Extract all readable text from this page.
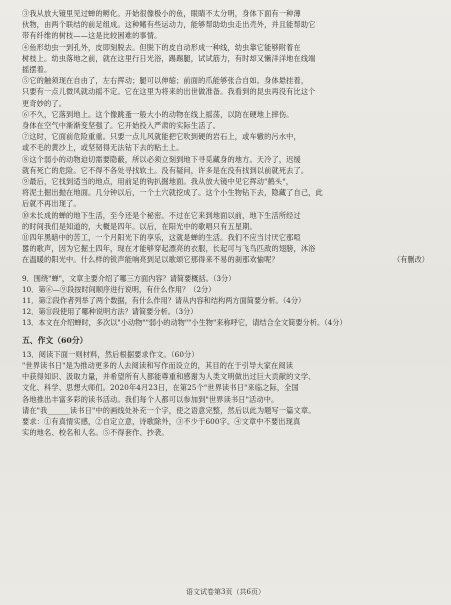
③我从放大镜里见过蝉的孵化。开始很像极小的鱼，眼睛不太分明，身体下面有一种薄

伙物，由两个联结的前足组成。这种鳍有些运动力，能够帮助幼虫走出壳外，并且能帮助它

带有纤维的树枝——这是比较困难的事情。

④鱼形幼虫一到孔外，皮即刻脱去。但脱下的皮自动形成一种线，幼虫靠它能够附着在

树枝上。幼虫落地之前，就在这里行日光浴，踢踢腿，试试筋力，有时却又懒洋洋地在线端

摇摆着。

⑤它的触须现在自由了，左右挥动；腿可以伸缩；前面的爪能够张合自如。身体悬挂着，

只要有一点儿微风就动摇不定。它在这里为将来的出世做准备。我看到的昆虫再没有比这个

更奇妙的了。

⑥不久，它落到地上。这个像跳蚤一般大小的动物在线上摇荡，以防在硬地上摔伤。

身体在空气中渐渐变坚强了。它开始投入严肃的实际生活了。

⑦这时，它面前危险重重。只要一点儿风就能把它吹到硬的岩石上，或车辙的污水中，

或不毛的黄沙上，或坚韧得无法钻下去的粘土上。

⑧这个弱小的动物迫切需要隐蔽，所以必须立刻到地下寻觅藏身的地方。天冷了，迟缓

就有死亡的危险。它不得不各处寻找软土。没有疑问，许多是在没有找到以前就死去了。

⑨最后，它找到适当的地点，用前足的钩扒掘地面。我从放大镜中见它挥动"鹤头"，

将泥土掘出抛在地面。几分钟以后，一个土穴就挖成了。这个小生物钻下去，隐藏了自己，此

后就不再出现了。

⑩未长成的蝉的地下生活，至今还是个秘密。不过在它来到地面以前，地下生活所经过

的时间我们是知道的，大概是四年。以后，在阳光中的歌唱只有五星期。

⑪四年黑暗中的苦工，一个月阳光下的享乐，这就是蝉的生活。我们不应当讨厌它那喧

嚣的歌声，因为它掘土四年，现在才能够穿起漂亮的衣服，长起可与飞鸟匹敌的翅膀，沐浴

在温暖的阳光中。什么样的钹声能响亮到足以歌颂它那得来不易的刹那欢愉呢？	（有删改）

9．围绕"蝉"，文章主要介绍了哪三方面内容？请简要概括。（3分）

10．第⑥—⑨段按时间顺序进行说明，有什么作用？（2分）

11．第②段作者列举了两个数据，有什么作用？请从内容和结构两方面简要分析。（4分）

12．第⑪段使用了哪种说明方法？请简要分析。（3分）

13．本文在介绍蝉时，多次以"小动物""弱小的动物""小生物"来称呼它，请结合全文简要分析。（4分）

五、作文（60分）

13．阅读下面一则材料，然后根据要求作文。（60分）

"世界读书日"是为推动更多的人去阅读和写作而设立的，其目的在于引导大家在阅读

中获得知识、汲取力量，并希望所有人都能尊重和感谢为人类文明做出过巨大贡献的文学、

文化、科学、思想大师们。2020年4月23日，在第25个"世界读书日"来临之际，全国

各地推出丰富多彩的读书活动。我们每个人都可以参加到"世界读书日"活动中。

请在"我______读书日"中的画线处补充一个字，使之语意完整，然后以此为题写一篇文章。

要求：①有真情实感，②自定立意，诗歌除外，③不少于600字。④文章中不要出现真

实的地名、校名和人名。⑤不得套作、抄袭。

语文试卷第3页（共6页）
